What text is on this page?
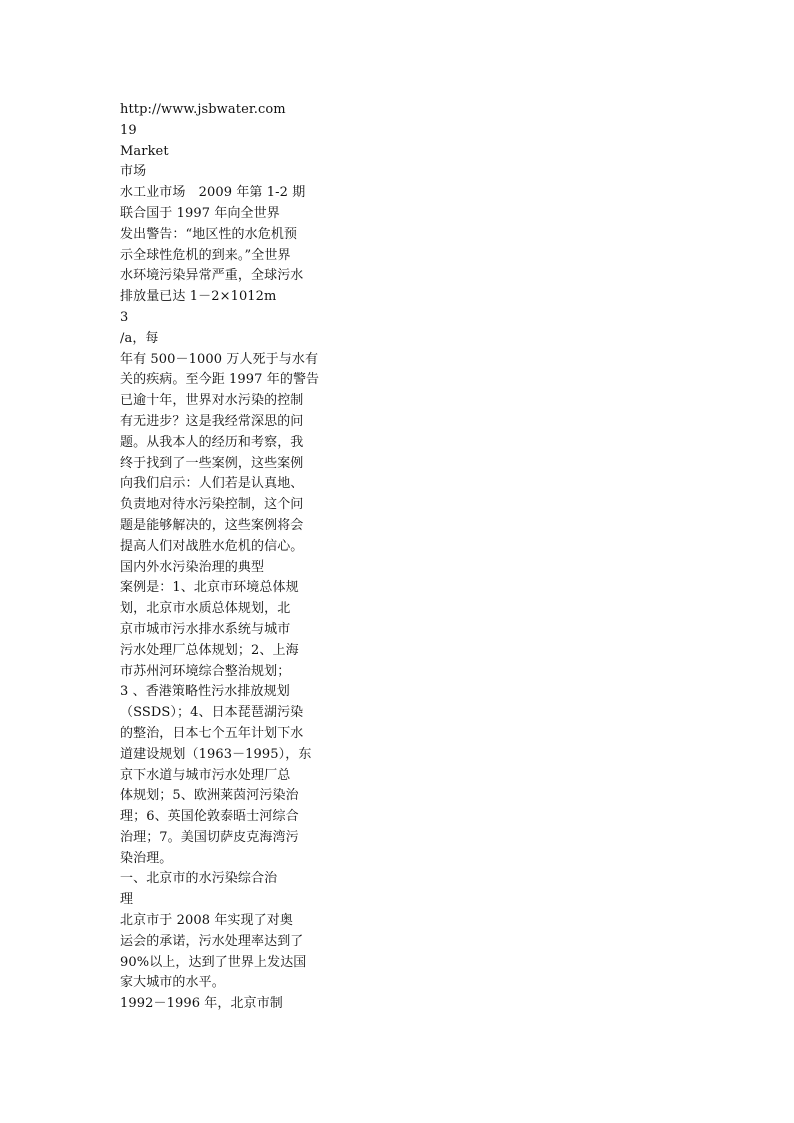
http://www.jsbwater.com
19
Market
市场
水工业市场　2009 年第 1-2 期
联合国于 1997 年向全世界
发出警告：“地区性的水危机预
示全球性危机的到来。”全世界
水环境污染异常严重，全球污水
排放量已达 1－2×1012m
3
/a，每
年有 500－1000 万人死于与水有
关的疾病。至今距 1997 年的警告
已逾十年，世界对水污染的控制
有无进步？这是我经常深思的问
题。从我本人的经历和考察，我
终于找到了一些案例，这些案例
向我们启示：人们若是认真地、
负责地对待水污染控制，这个问
题是能够解决的，这些案例将会
提高人们对战胜水危机的信心。
国内外水污染治理的典型
案例是：1、北京市环境总体规
划，北京市水质总体规划，北
京市城市污水排水系统与城市
污水处理厂总体规划；2、上海
市苏州河环境综合整治规划；
3 、香港策略性污水排放规划
（SSDS）；4、日本琵琶湖污染
的整治，日本七个五年计划下水
道建设规划（1963－1995），东
京下水道与城市污水处理厂总
体规划；5、欧洲莱茵河污染治
理；6、英国伦敦泰晤士河综合
治理；7。美国切萨皮克海湾污
染治理。
一、北京市的水污染综合治
理
北京市于 2008 年实现了对奥
运会的承诺，污水处理率达到了
90%以上，达到了世界上发达国
家大城市的水平。
1992－1996 年，北京市制
